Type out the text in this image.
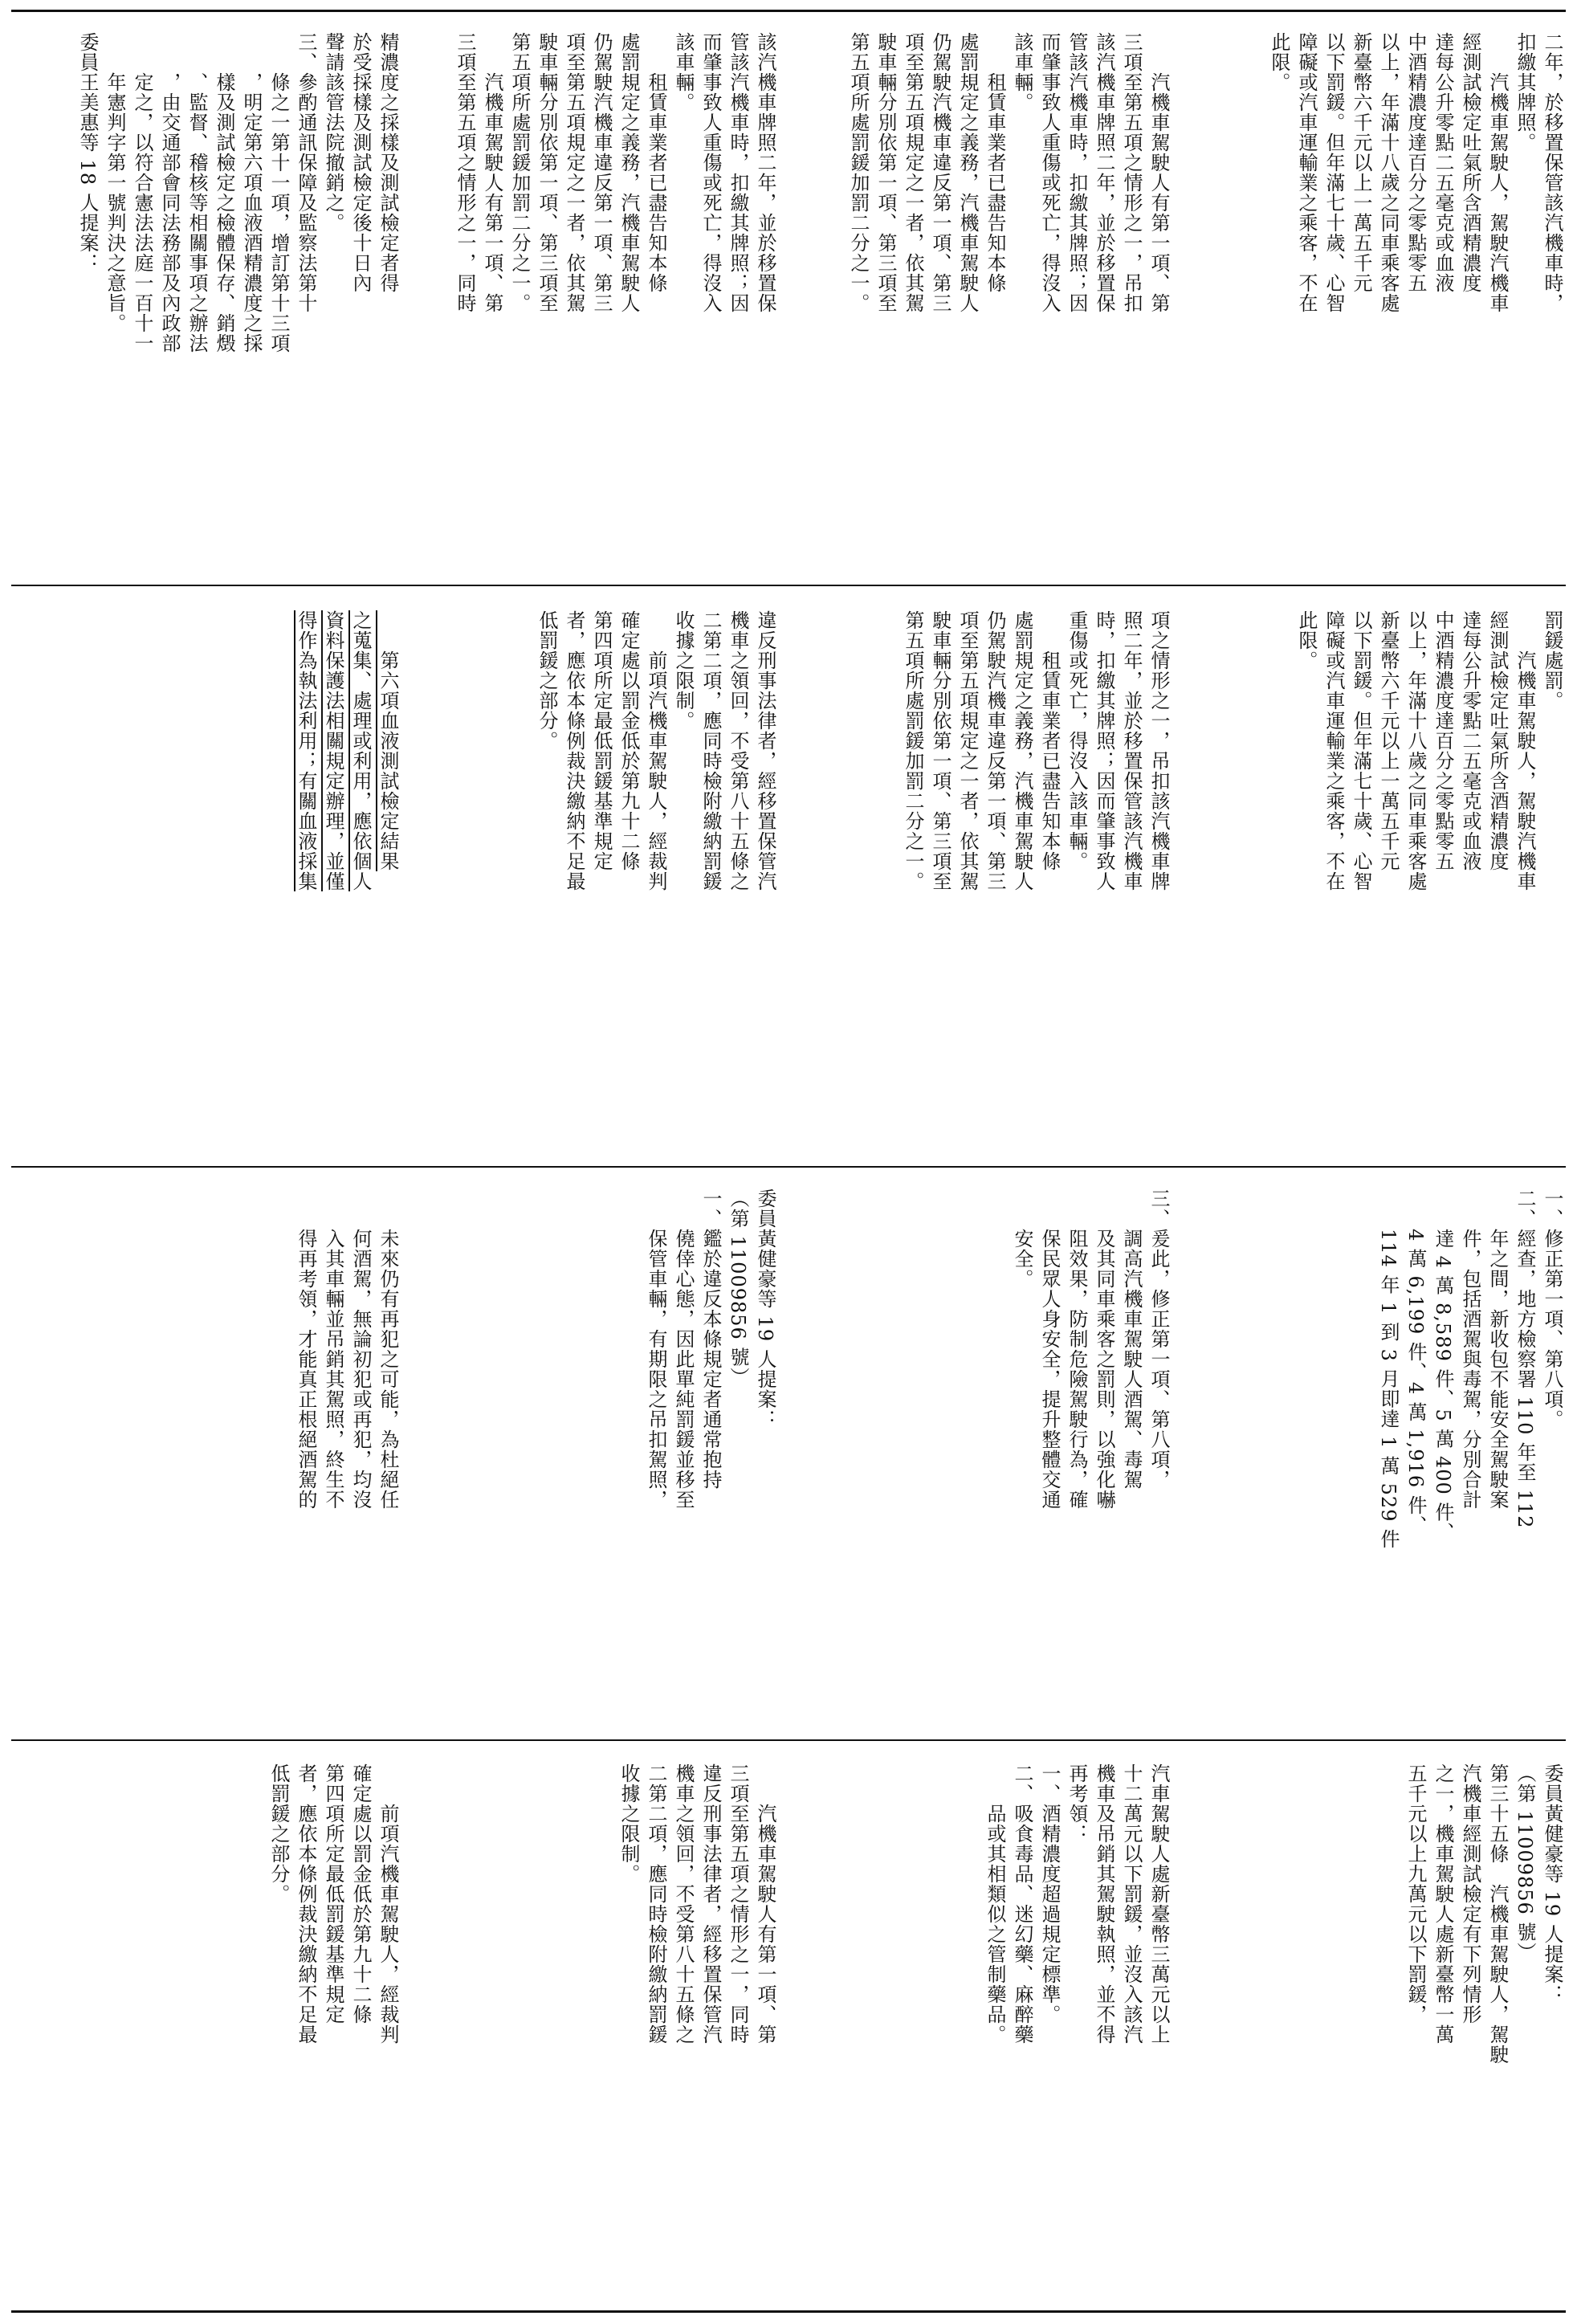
二年，於移置保管該汽機車時，
扣繳其牌照。
　　汽機車駕駛人，駕駛汽機車
經測試檢定吐氣所含酒精濃度
達每公升零點二五毫克或血液
中酒精濃度達百分之零點零五
以上，年滿十八歲之同車乘客處
新臺幣六千元以上一萬五千元
以下罰鍰。但年滿七十歲、心智
障礙或汽車運輸業之乘客，不在
此限。
　　汽機車駕駛人有第一項、第
三項至第五項之情形之一，吊扣
該汽機車牌照二年，並於移置保
管該汽機車時，扣繳其牌照；因
而肇事致人重傷或死亡，得沒入
該車輛。
　　租賃車業者已盡告知本條
處罰規定之義務，汽機車駕駛人
仍駕駛汽機車違反第一項、第三
項至第五項規定之一者，依其駕
駛車輛分別依第一項、第三項至
第五項所處罰鍰加罰二分之一。
該汽機車牌照二年，並於移置保
管該汽機車時，扣繳其牌照；因
而肇事致人重傷或死亡，得沒入
該車輛。
　　租賃車業者已盡告知本條
處罰規定之義務，汽機車駕駛人
仍駕駛汽機車違反第一項、第三
項至第五項規定之一者，依其駕
駛車輛分別依第一項、第三項至
第五項所處罰鍰加罰二分之一。
　　汽機車駕駛人有第一項、第
三項至第五項之情形之一，同時
精濃度之採樣及測試檢定者得
於受採樣及測試檢定後十日內
聲請該管法院撤銷之。
三、參酌通訊保障及監察法第十
　　條之一第十一項，增訂第十三項
　　，明定第六項血液酒精濃度之採
　　樣及測試檢定之檢體保存、銷燬
　　、監督、稽核等相關事項之辦法
　　，由交通部會同法務部及內政部
　　定之，以符合憲法法庭一百十一
　　年憲判字第一號判決之意旨。
委員王美惠等 18 人提案：
罰鍰處罰。
　　汽機車駕駛人，駕駛汽機車
經測試檢定吐氣所含酒精濃度
達每公升零點二五毫克或血液
中酒精濃度達百分之零點零五
以上，年滿十八歲之同車乘客處
新臺幣六千元以上一萬五千元
以下罰鍰。但年滿七十歲、心智
障礙或汽車運輸業之乘客，不在
此限。
項之情形之一，吊扣該汽機車牌
照二年，並於移置保管該汽機車
時，扣繳其牌照；因而肇事致人
重傷或死亡，得沒入該車輛。
　　租賃車業者已盡告知本條
處罰規定之義務，汽機車駕駛人
仍駕駛汽機車違反第一項、第三
項至第五項規定之一者，依其駕
駛車輛分別依第一項、第三項至
第五項所處罰鍰加罰二分之一。
違反刑事法律者，經移置保管汽
機車之領回，不受第八十五條之
二第二項，應同時檢附繳納罰鍰
收據之限制。
　　前項汽機車駕駛人，經裁判
確定處以罰金低於第九十二條
第四項所定最低罰鍰基準規定
者，應依本條例裁決繳納不足最
低罰鍰之部分。
　　第六項血液測試檢定結果
之蒐集、處理或利用，應依個人
資料保護法相關規定辦理，並僅
得作為執法利用；有關血液採集
一、修正第一項、第八項。
二、經查，地方檢察署 110 年至 112
　　年之間，新收包不能安全駕駛案
　　件，包括酒駕與毒駕，分別合計
　　達 4 萬 8,589 件、5 萬 400 件、
　　4 萬 6,199 件、4 萬 1,916 件、
　　114 年 1 到 3 月即達 1 萬 529 件
三、爰此，修正第一項、第八項，
　　調高汽機車駕駛人酒駕、毒駕
　　及其同車乘客之罰則，以強化嚇
　　阻效果，防制危險駕駛行為，確
　　保民眾人身安全，提升整體交通
　　安全。
委員黃健豪等 19 人提案：
（第 11009856 號）
一、鑑於違反本條規定者通常抱持
　　僥倖心態，因此單純罰鍰並移至
　　保管車輛，有期限之吊扣駕照，
　　未來仍有再犯之可能，為杜絕任
　　何酒駕，無論初犯或再犯，均沒
　　入其車輛並吊銷其駕照，終生不
　　得再考領，才能真正根絕酒駕的
委員黃健豪等 19 人提案：
（第 11009856 號）
第三十五條　汽機車駕駛人，駕駛
汽機車經測試檢定有下列情形
之一，機車駕駛人處新臺幣一萬
五千元以上九萬元以下罰鍰，
汽車駕駛人處新臺幣三萬元以上
十二萬元以下罰鍰，並沒入該汽
機車及吊銷其駕駛執照，並不得
再考領：
一、酒精濃度超過規定標準。
二、吸食毒品、迷幻藥、麻醉藥
　　品或其相類似之管制藥品。
　　汽機車駕駛人有第一項、第
三項至第五項之情形之一，同時
違反刑事法律者，經移置保管汽
機車之領回，不受第八十五條之
二第二項，應同時檢附繳納罰鍰
收據之限制。
　　前項汽機車駕駛人，經裁判
確定處以罰金低於第九十二條
第四項所定最低罰鍰基準規定
者，應依本條例裁決繳納不足最
低罰鍰之部分。
